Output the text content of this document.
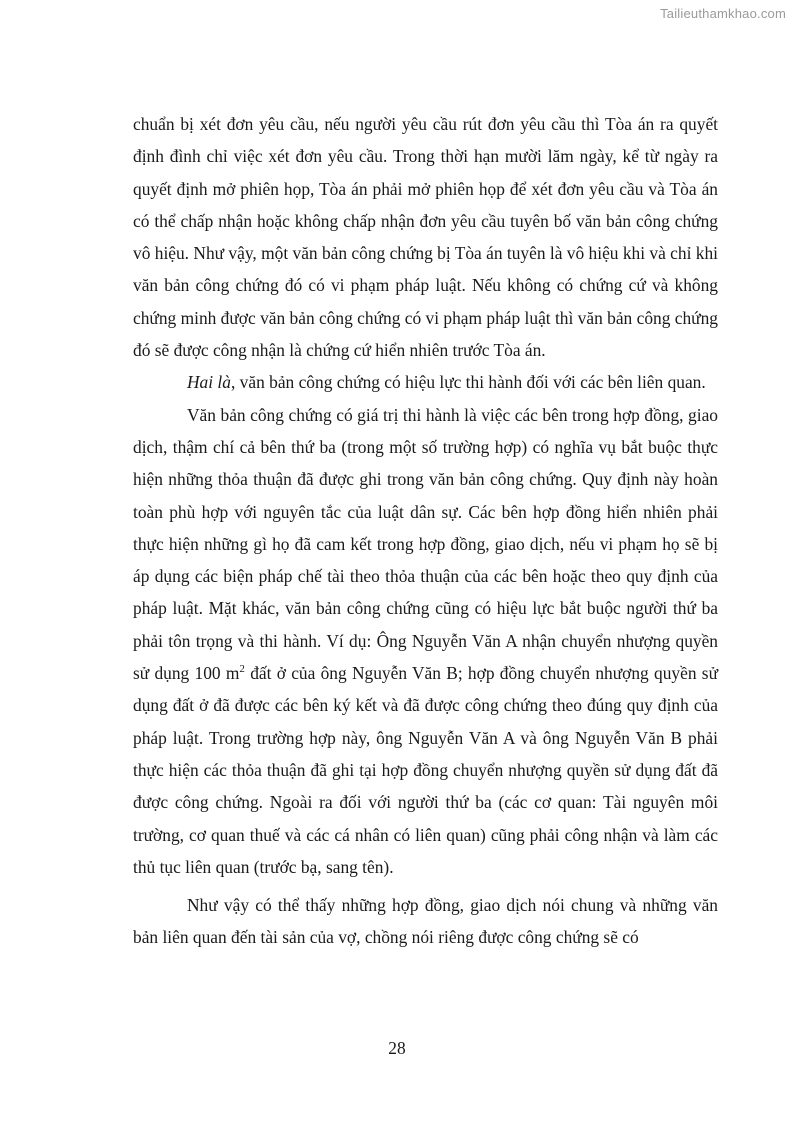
Tailieuthamkhao.com

chuẩn bị xét đơn yêu cầu, nếu người yêu cầu rút đơn yêu cầu thì Tòa án ra quyết định đình chỉ việc xét đơn yêu cầu. Trong thời hạn mười lăm ngày, kể từ ngày ra quyết định mở phiên họp, Tòa án phải mở phiên họp để xét đơn yêu cầu và Tòa án có thể chấp nhận hoặc không chấp nhận đơn yêu cầu tuyên bố văn bản công chứng vô hiệu. Như vậy, một văn bản công chứng bị Tòa án tuyên là vô hiệu khi và chỉ khi văn bản công chứng đó có vi phạm pháp luật. Nếu không có chứng cứ và không chứng minh được văn bản công chứng có vi phạm pháp luật thì văn bản công chứng đó sẽ được công nhận là chứng cứ hiển nhiên trước Tòa án.

Hai là, văn bản công chứng có hiệu lực thi hành đối với các bên liên quan.

Văn bản công chứng có giá trị thi hành là việc các bên trong hợp đồng, giao dịch, thậm chí cả bên thứ ba (trong một số trường hợp) có nghĩa vụ bắt buộc thực hiện những thỏa thuận đã được ghi trong văn bản công chứng. Quy định này hoàn toàn phù hợp với nguyên tắc của luật dân sự. Các bên hợp đồng hiển nhiên phải thực hiện những gì họ đã cam kết trong hợp đồng, giao dịch, nếu vi phạm họ sẽ bị áp dụng các biện pháp chế tài theo thỏa thuận của các bên hoặc theo quy định của pháp luật. Mặt khác, văn bản công chứng cũng có hiệu lực bắt buộc người thứ ba phải tôn trọng và thi hành. Ví dụ: Ông Nguyễn Văn A nhận chuyển nhượng quyền sử dụng 100 $m^2$ đất ở của ông Nguyễn Văn B; hợp đồng chuyển nhượng quyền sử dụng đất ở đã được các bên ký kết và đã được công chứng theo đúng quy định của pháp luật. Trong trường hợp này, ông Nguyễn Văn A và ông Nguyễn Văn B phải thực hiện các thỏa thuận đã ghi tại hợp đồng chuyển nhượng quyền sử dụng đất đã được công chứng. Ngoài ra đối với người thứ ba (các cơ quan: Tài nguyên môi trường, cơ quan thuế và các cá nhân có liên quan) cũng phải công nhận và làm các thủ tục liên quan (trước bạ, sang tên).

Như vậy có thể thấy những hợp đồng, giao dịch nói chung và những văn bản liên quan đến tài sản của vợ, chồng nói riêng được công chứng sẽ có

28
